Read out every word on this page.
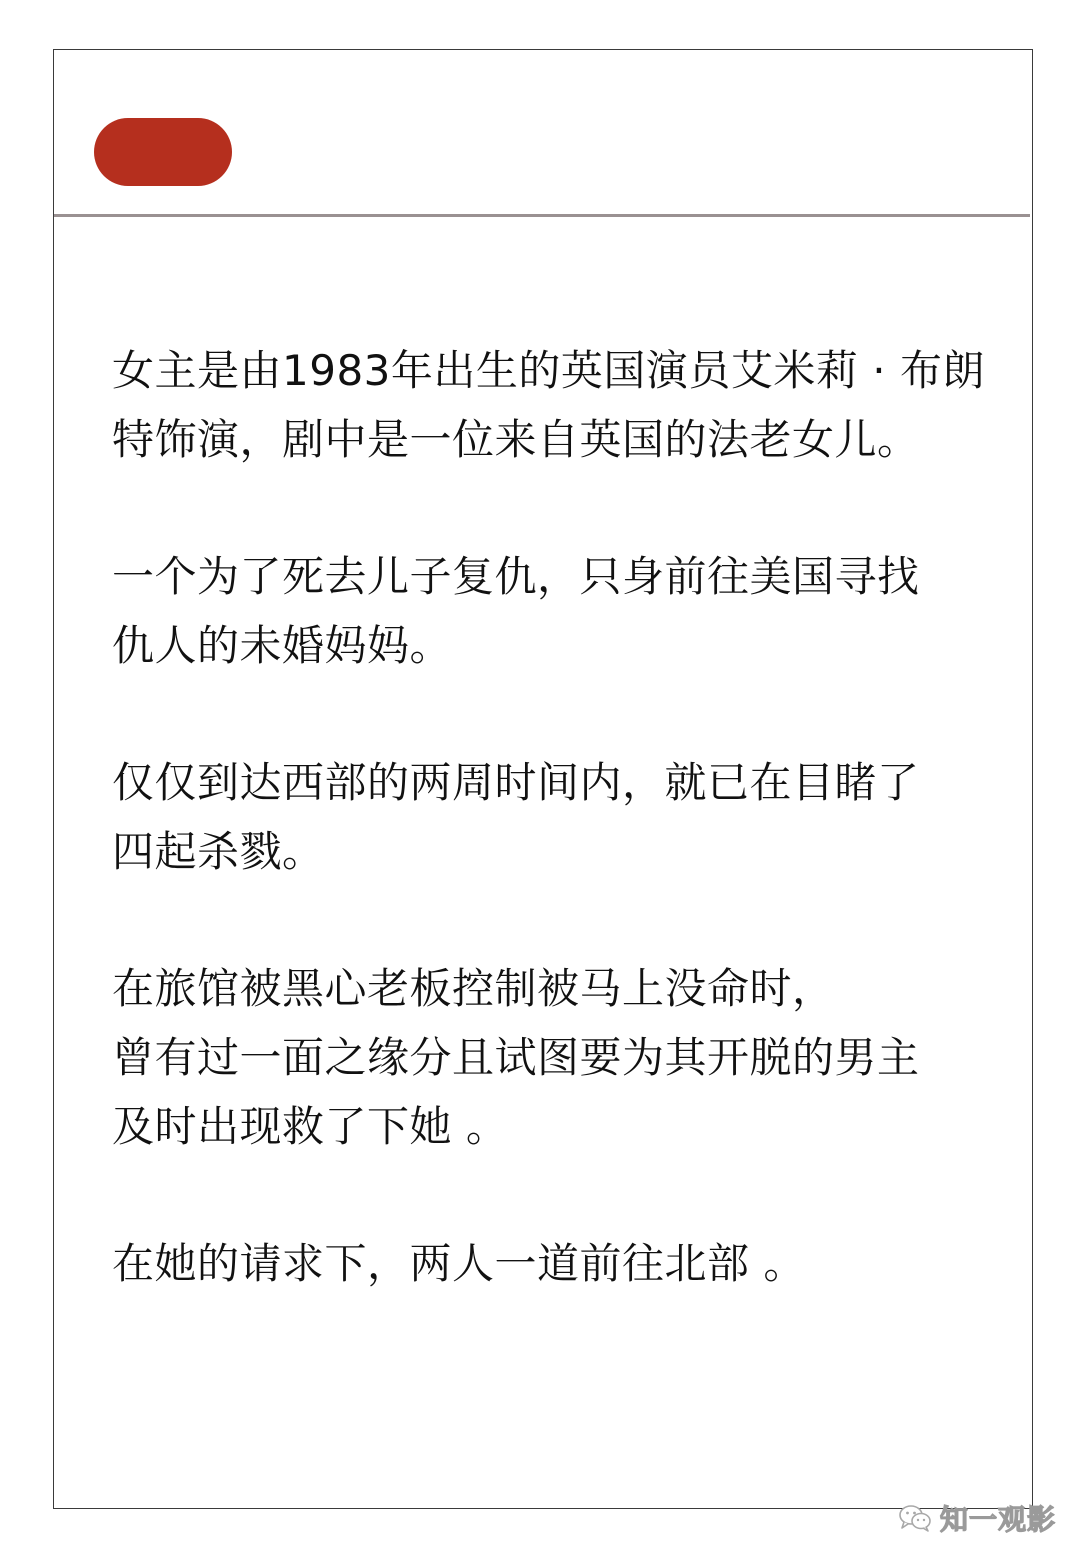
女主是由1983年出生的英国演员艾米莉 · 布朗
特饰演，剧中是一位来自英国的法老女儿。

一个为了死去儿子复仇，只身前往美国寻找
仇人的未婚妈妈。

仅仅到达西部的两周时间内，就已在目睹了
四起杀戮。

在旅馆被黑心老板控制被马上没命时，
曾有过一面之缘分且试图要为其开脱的男主
及时出现救了下她 。

在她的请求下，两人一道前往北部 。

知一观影
